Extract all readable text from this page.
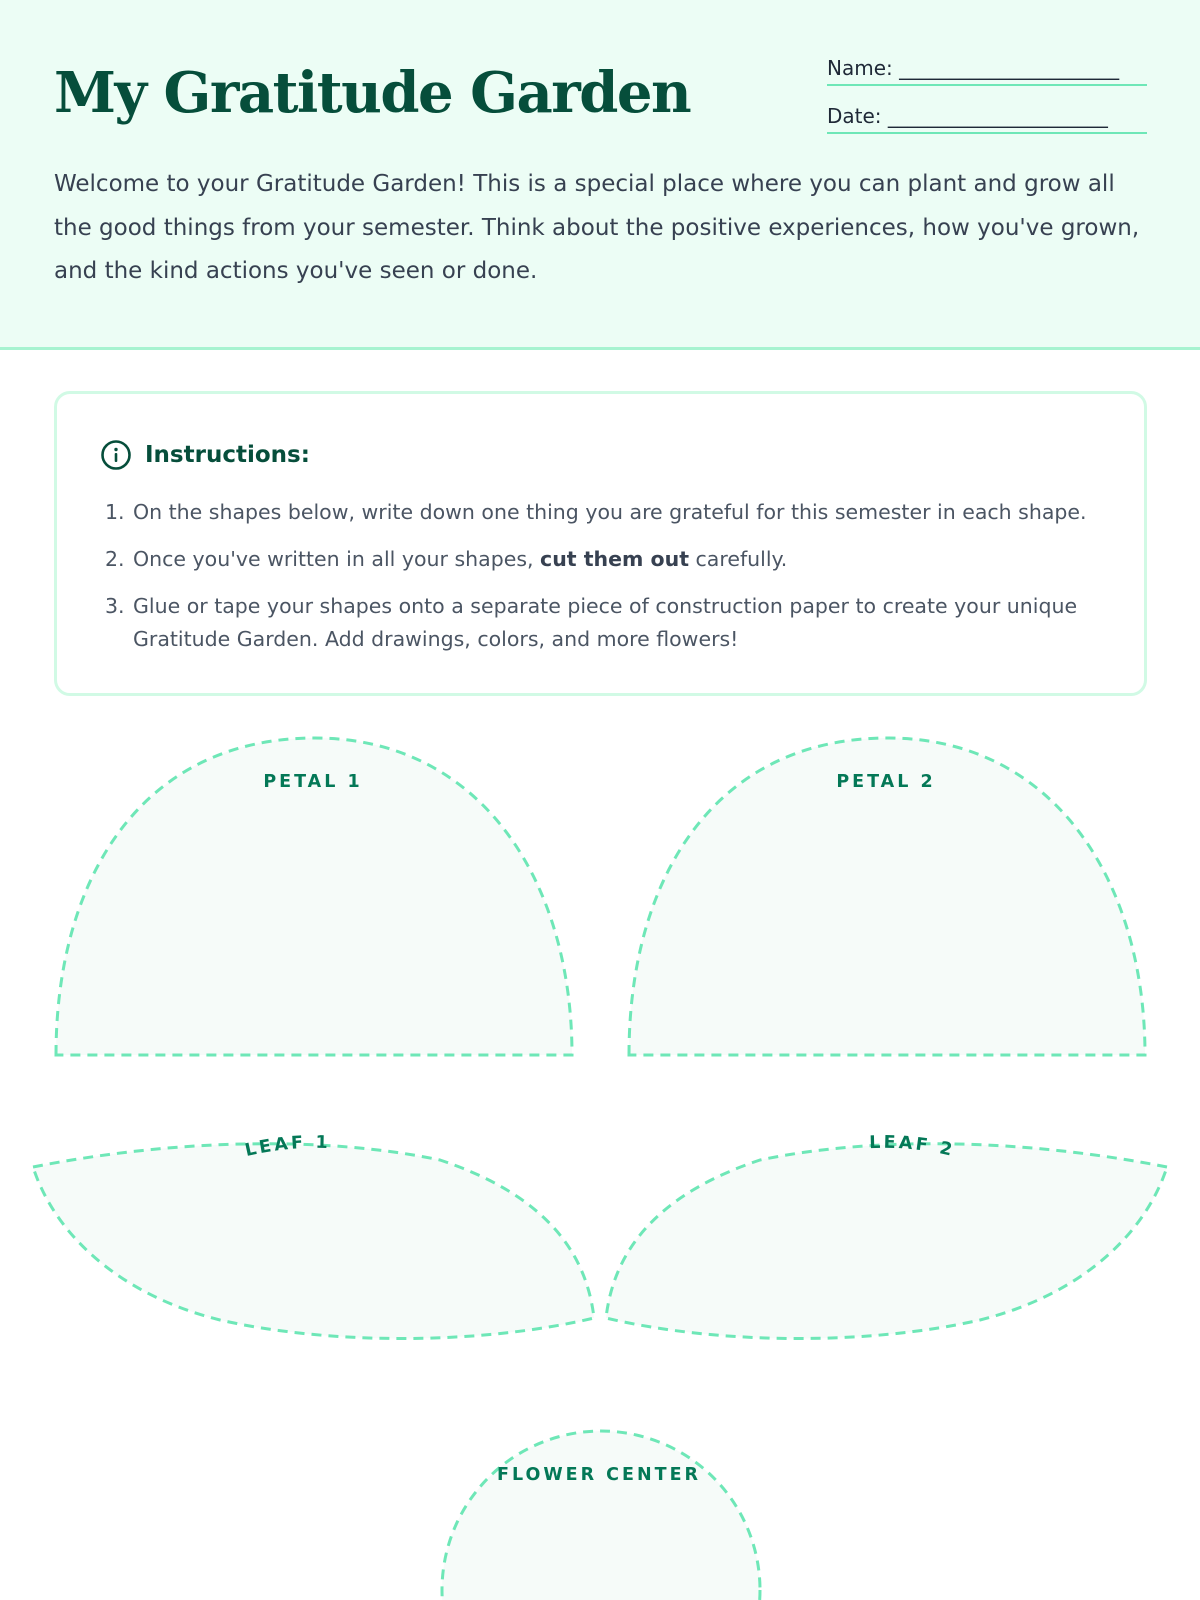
My Gratitude Garden	Name: ______________________
Date: ______________________

Welcome to your Gratitude Garden! This is a special place where you can plant and grow all the good things from your semester. Think about the positive experiences, how you've grown, and the kind actions you've seen or done.

Instructions:
1. On the shapes below, write down one thing you are grateful for this semester in each shape.
2. Once you've written in all your shapes, cut them out carefully.
3. Glue or tape your shapes onto a separate piece of construction paper to create your unique Gratitude Garden. Add drawings, colors, and more flowers!
PETAL 1	PETAL 2
LEAF 1	LEAF 2
FLOWER CENTER
